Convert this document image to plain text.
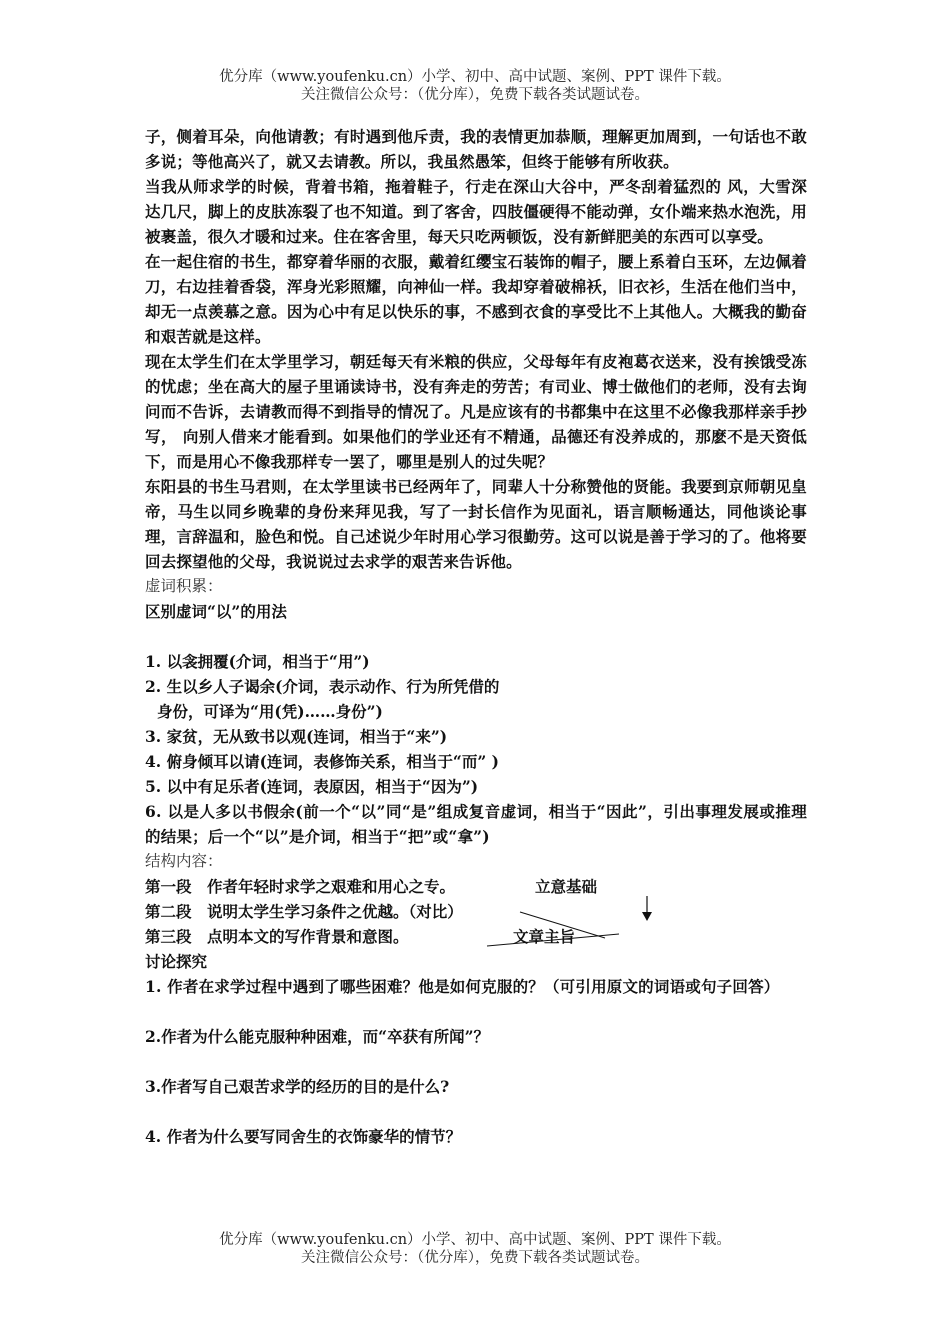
优分库（www.youfenku.cn）小学、初中、高中试题、案例、PPT 课件下载。
关注微信公众号：（优分库），免费下载各类试题试卷。
子，侧着耳朵，向他请教；有时遇到他斥责，我的表情更加恭顺，理解更加周到，一句话也不敢多说；等他高兴了，就又去请教。所以，我虽然愚笨，但终于能够有所收获。
当我从师求学的时候，背着书箱，拖着鞋子，行走在深山大谷中，严冬刮着猛烈的 风，大雪深达几尺，脚上的皮肤冻裂了也不知道。到了客舍，四肢僵硬得不能动弹，女仆端来热水泡洗，用被裹盖，很久才暖和过来。住在客舍里，每天只吃两顿饭，没有新鲜肥美的东西可以享受。
在一起住宿的书生，都穿着华丽的衣服，戴着红缨宝石装饰的帽子，腰上系着白玉环，左边佩着刀，右边挂着香袋，浑身光彩照耀，向神仙一样。我却穿着破棉袄，旧衣衫，生活在他们当中，却无一点羡慕之意。因为心中有足以快乐的事，不感到衣食的享受比不上其他人。大概我的勤奋和艰苦就是这样。
现在太学生们在太学里学习，朝廷每天有米粮的供应，父母每年有皮袍葛衣送来，没有挨饿受冻的忧虑；坐在高大的屋子里诵读诗书，没有奔走的劳苦；有司业、博士做他们的老师，没有去询问而不告诉，去请教而得不到指导的情况了。凡是应该有的书都集中在这里不必像我那样亲手抄写， 向别人借来才能看到。如果他们的学业还有不精通，品德还有没养成的，那麽不是天资低下，而是用心不像我那样专一罢了，哪里是别人的过失呢？
东阳县的书生马君则，在太学里读书已经两年了，同辈人十分称赞他的贤能。我要到京师朝见皇帝，马生以同乡晚辈的身份来拜见我，写了一封长信作为见面礼，语言顺畅通达，同他谈论事理，言辞温和，脸色和悦。自己述说少年时用心学习很勤劳。这可以说是善于学习的了。他将要回去探望他的父母，我说说过去求学的艰苦来告诉他。
虚词积累：
区别虚词“以”的用法
1. 以衾拥覆(介词，相当于“用”)
2. 生以乡人子谒余(介词，表示动作、行为所凭借的
身份，可译为“用(凭)……身份”)
3. 家贫，无从致书以观(连词，相当于“来”)
4. 俯身倾耳以请(连词，表修饰关系，相当于“而” )
5. 以中有足乐者(连词，表原因，相当于“因为”)
6. 以是人多以书假余(前一个“以”同“是”组成复音虚词，相当于“因此”，引出事理发展或推理的结果；后一个“以”是介词，相当于“把”或“拿”)
结构内容：
第一段　作者年轻时求学之艰难和用心之专。
第二段　说明太学生学习条件之优越。（对比）
第三段　点明本文的写作背景和意图。
立意基础
文章主旨
讨论探究
1. 作者在求学过程中遇到了哪些困难？他是如何克服的？（可引用原文的词语或句子回答）
2.作者为什么能克服种种困难，而“卒获有所闻”？
3.作者写自己艰苦求学的经历的目的是什么?
4. 作者为什么要写同舍生的衣饰豪华的情节？
优分库（www.youfenku.cn）小学、初中、高中试题、案例、PPT 课件下载。
关注微信公众号：（优分库），免费下载各类试题试卷。
